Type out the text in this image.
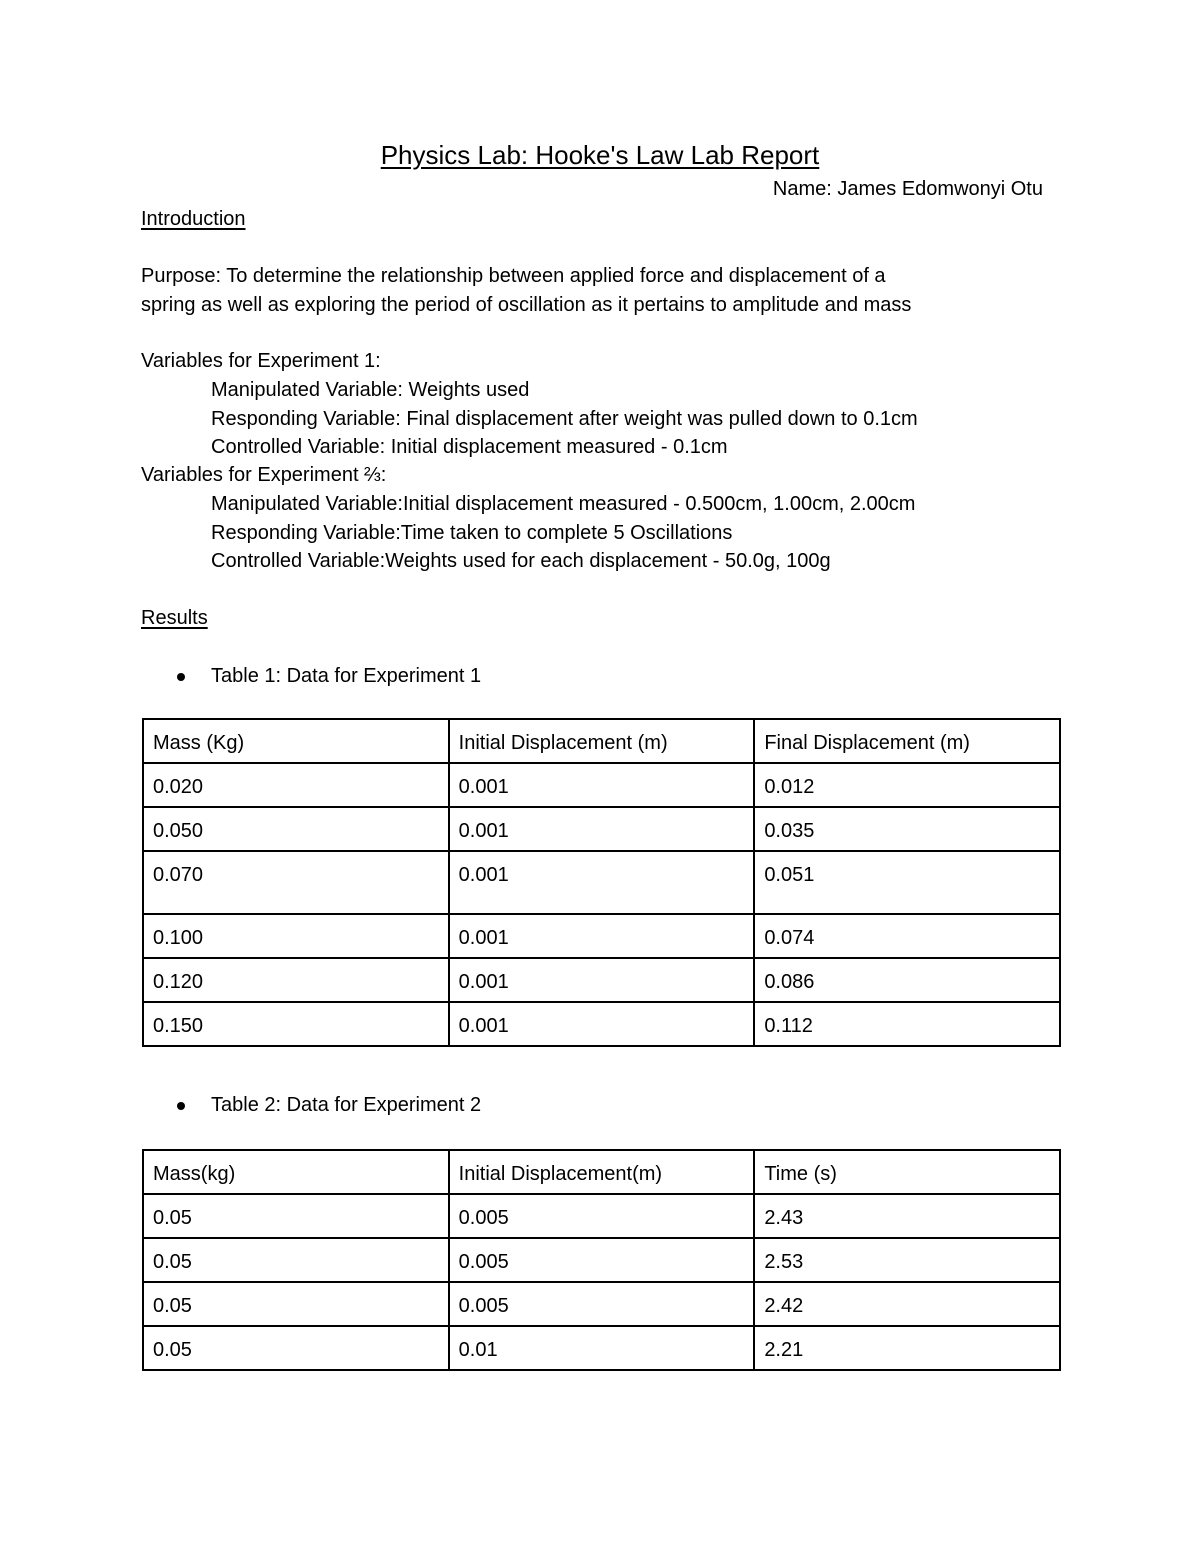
Physics Lab: Hooke's Law Lab Report
Name: James Edomwonyi Otu
Introduction
Purpose: To determine the relationship between applied force and displacement of a
spring as well as exploring the period of oscillation as it pertains to amplitude and mass
Variables for Experiment 1:
Manipulated Variable: Weights used
Responding Variable: Final displacement after weight was pulled down to 0.1cm
Controlled Variable: Initial displacement measured - 0.1cm
Variables for Experiment ⅔:
Manipulated Variable:Initial displacement measured - 0.500cm, 1.00cm, 2.00cm
Responding Variable:Time taken to complete 5 Oscillations
Controlled Variable:Weights used for each displacement - 50.0g, 100g
Results
Table 1: Data for Experiment 1
Mass (Kg)	Initial Displacement (m)	Final Displacement (m)
0.020	0.001	0.012
0.050	0.001	0.035
0.070	0.001	0.051
0.100	0.001	0.074
0.120	0.001	0.086
0.150	0.001	0.112
Table 2: Data for Experiment 2
Mass(kg)	Initial Displacement(m)	Time (s)
0.05	0.005	2.43
0.05	0.005	2.53
0.05	0.005	2.42
0.05	0.01	2.21
